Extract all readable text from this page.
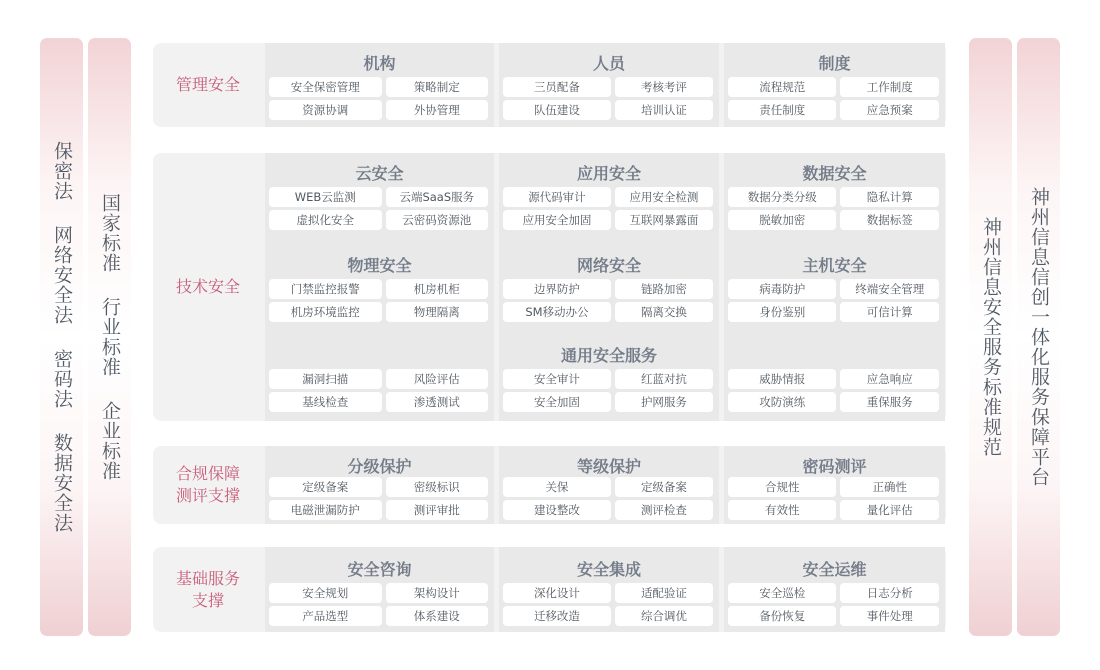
保密法网络安全法密码法数据安全法
国家标准行业标准企业标准	神州信息安全服务标准规范 神州信息信创一体化服务保障平台
管理安全
机构
安全保密管理	策略制定
资源协调	外协管理
人员
三员配备	考核考评
队伍建设	培训认证
制度
流程规范	工作制度
责任制度	应急预案
技术安全
云安全
WEB云监测	云端SaaS服务
虚拟化安全	云密码资源池
应用安全
源代码审计	应用安全检测
应用安全加固	互联网暴露面
数据安全
数据分类分级	隐私计算
脱敏加密	数据标签
物理安全
门禁监控报警	机房机柜
机房环境监控	物理隔离
网络安全
边界防护	链路加密
SM移动办公	隔离交换
主机安全
病毒防护	终端安全管理
身份鉴别	可信计算
漏洞扫描	风险评估
基线检查	渗透测试
通用安全服务
安全审计	红蓝对抗
安全加固	护网服务
威胁情报	应急响应
攻防演练	重保服务
合规保障
测评支撑
分级保护
定级备案	密级标识
电磁泄漏防护	测评审批
等级保护
关保	定级备案
建设整改	测评检查
密码测评
合规性	正确性
有效性	量化评估
基础服务
支撑
安全咨询
安全规划	架构设计
产品选型	体系建设
安全集成
深化设计	适配验证
迁移改造	综合调优
安全运维
安全巡检	日志分析
备份恢复	事件处理
